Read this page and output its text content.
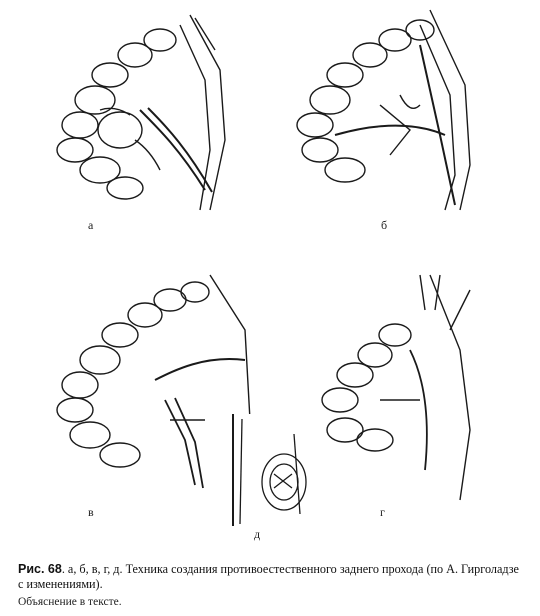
а	б
в
д
г
Рис. 68. а, б, в, г, д. Техника создания противоестественного заднего прохода (по А. Гирголадзе с изменениями).
Объяснение в тексте.
